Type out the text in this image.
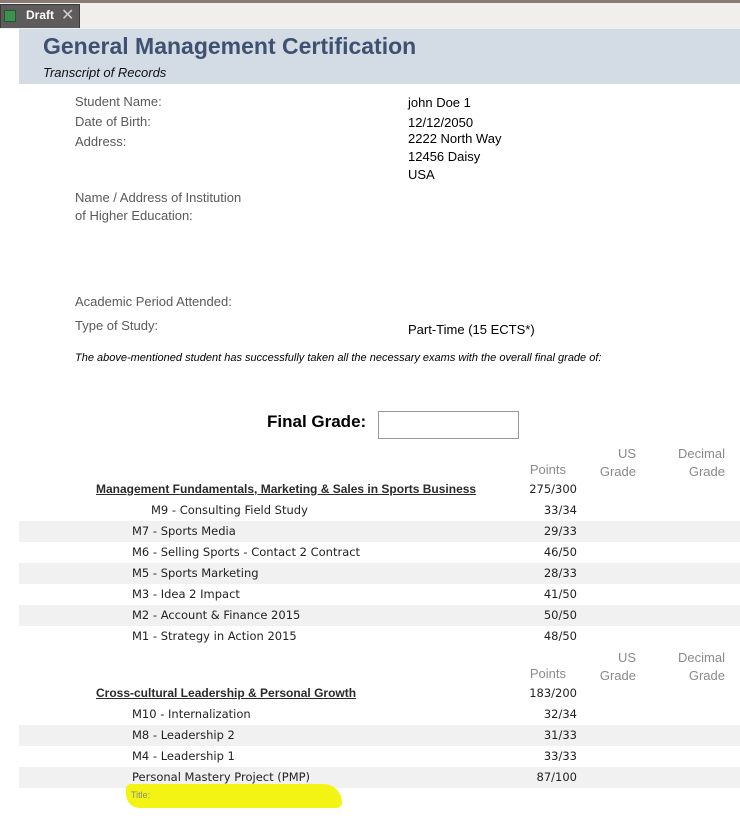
Draft ✕
General Management Certification
Transcript of Records
Student Name:	john Doe 1
Date of Birth:	12/12/2050
Address:	2222 North Way
12456 Daisy
USA
Name / Address of Institution
of Higher Education:
Academic Period Attended:
Type of Study:	Part-Time (15 ECTS*)
The above-mentioned student has successfully taken all the necessary exams with the overall final grade of:
Final Grade:
Points
US
Grade
Decimal
Grade
Management Fundamentals, Marketing & Sales in Sports Business	275/300
M9 - Consulting Field Study	33/34
M7 - Sports Media	29/33
M6 - Selling Sports - Contact 2 Contract	46/50
M5 - Sports Marketing	28/33
M3 - Idea 2 Impact	41/50
M2 - Account & Finance 2015	50/50
M1 - Strategy in Action 2015	48/50
Points
US
Grade
Decimal
Grade
Cross-cultural Leadership & Personal Growth	183/200
M10 - Internalization	32/34
M8 - Leadership 2	31/33
M4 - Leadership 1	33/33
Personal Mastery Project (PMP)	87/100
Title:
